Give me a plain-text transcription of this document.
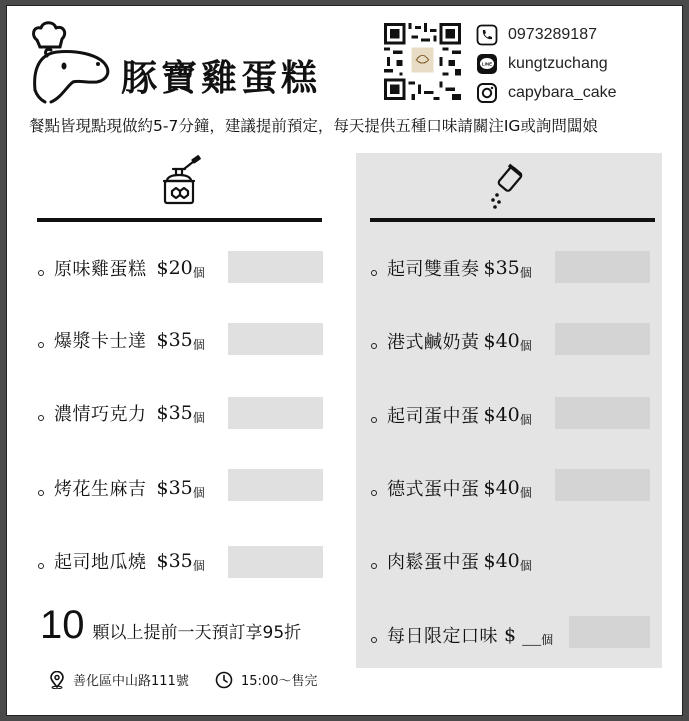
豚寶雞蛋糕
0973289187
LINE kungtzuchang
capybara_cake
餐點皆現點現做約5-7分鐘，建議提前預定，每天提供五種口味請關注IG或詢問闆娘
原味雞蛋糕 $20 個
爆漿卡士達 $35 個
濃情巧克力 $35 個
烤花生麻吉 $35 個
起司地瓜燒 $35 個
起司雙重奏 $35 個
港式鹹奶黃 $40 個
起司蛋中蛋 $40 個
德式蛋中蛋 $40 個
肉鬆蛋中蛋 $40 個
每日限定口味 $ __ 個
10 顆以上提前一天預訂享95折
善化區中山路111號	15:00～售完
